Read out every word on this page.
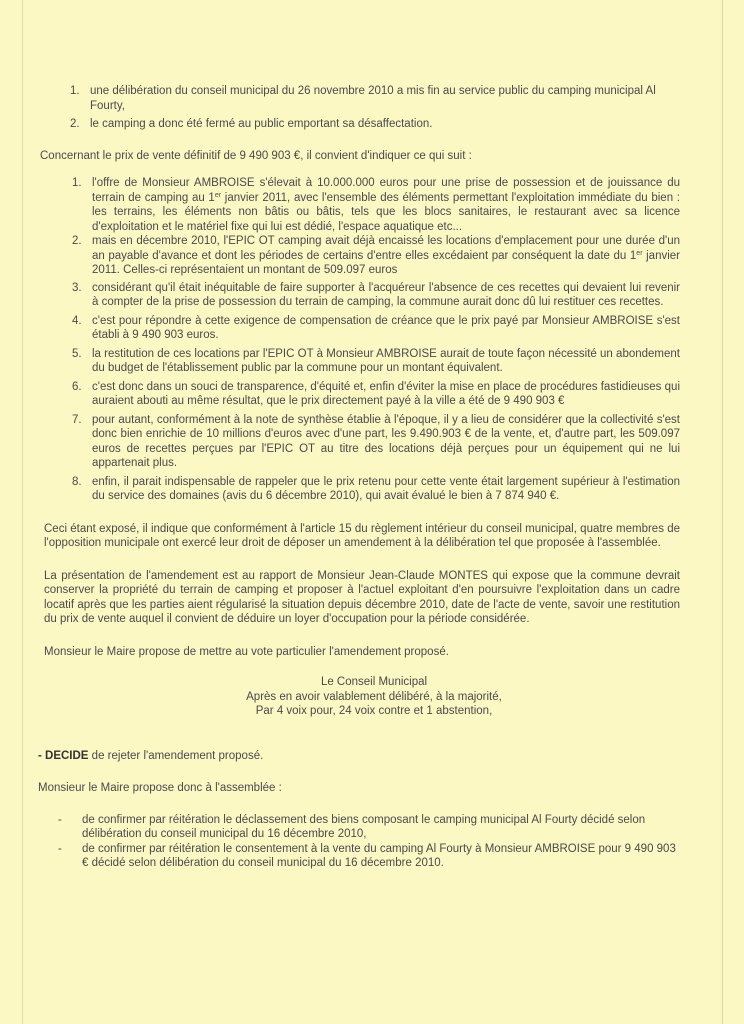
1. une délibération du conseil municipal du 26 novembre 2010 a mis fin au service public du camping municipal Al Fourty,
2. le camping a donc été fermé au public emportant sa désaffectation.

Concernant le prix de vente définitif de 9 490 903 €, il convient d'indiquer ce qui suit :

1. l'offre de Monsieur AMBROISE s'élevait à 10.000.000 euros pour une prise de possession et de jouissance du terrain de camping au 1er janvier 2011, avec l'ensemble des éléments permettant l'exploitation immédiate du bien : les terrains, les éléments non bâtis ou bâtis, tels que les blocs sanitaires, le restaurant avec sa licence d'exploitation et le matériel fixe qui lui est dédié, l'espace aquatique etc...
2. mais en décembre 2010, l'EPIC OT camping avait déjà encaissé les locations d'emplacement pour une durée d'un an payable d'avance et dont les périodes de certains d'entre elles excédaient par conséquent la date du 1er janvier 2011. Celles-ci représentaient un montant de 509.097 euros
3. considérant qu'il était inéquitable de faire supporter à l'acquéreur l'absence de ces recettes qui devaient lui revenir à compter de la prise de possession du terrain de camping, la commune aurait donc dû lui restituer ces recettes.
4. c'est pour répondre à cette exigence de compensation de créance que le prix payé par Monsieur AMBROISE s'est établi à 9 490 903 euros.
5. la restitution de ces locations par l'EPIC OT à Monsieur AMBROISE aurait de toute façon nécessité un abondement du budget de l'établissement public par la commune pour un montant équivalent.
6. c'est donc dans un souci de transparence, d'équité et, enfin d'éviter la mise en place de procédures fastidieuses qui auraient abouti au même résultat, que le prix directement payé à la ville a été de 9 490 903 €
7. pour autant, conformément à la note de synthèse établie à l'époque, il y a lieu de considérer que la collectivité s'est donc bien enrichie de 10 millions d'euros avec d'une part, les 9.490.903 € de la vente, et, d'autre part, les 509.097 euros de recettes perçues par l'EPIC OT au titre des locations déjà perçues pour un équipement qui ne lui appartenait plus.
8. enfin, il parait indispensable de rappeler que le prix retenu pour cette vente était largement supérieur à l'estimation du service des domaines (avis du 6 décembre 2010), qui avait évalué le bien à 7 874 940 €.

Ceci étant exposé, il indique que conformément à l'article 15 du règlement intérieur du conseil municipal, quatre membres de l'opposition municipale ont exercé leur droit de déposer un amendement à la délibération tel que proposée à l'assemblée.

La présentation de l'amendement est au rapport de Monsieur Jean-Claude MONTES qui expose que la commune devrait conserver la propriété du terrain de camping et proposer à l'actuel exploitant d'en poursuivre l'exploitation dans un cadre locatif après que les parties aient régularisé la situation depuis décembre 2010, date de l'acte de vente, savoir une restitution du prix de vente auquel il convient de déduire un loyer d'occupation pour la période considérée.

Monsieur le Maire propose de mettre au vote particulier l'amendement proposé.

Le Conseil Municipal
Après en avoir valablement délibéré, à la majorité,
Par 4 voix pour, 24 voix contre et 1 abstention,

- DECIDE de rejeter l'amendement proposé.

Monsieur le Maire propose donc à l'assemblée :

- de confirmer par réitération le déclassement des biens composant le camping municipal Al Fourty décidé selon délibération du conseil municipal du 16 décembre 2010,
- de confirmer par réitération le consentement à la vente du camping Al Fourty à Monsieur AMBROISE pour 9 490 903 € décidé selon délibération du conseil municipal du 16 décembre 2010.
